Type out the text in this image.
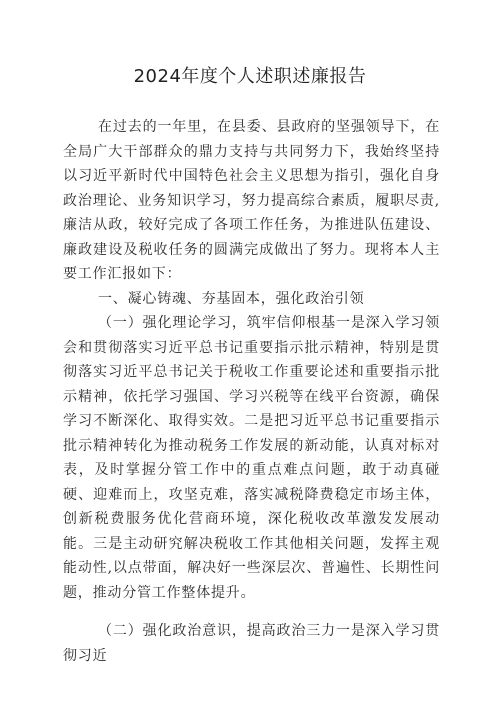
2024年度个人述职述廉报告

在过去的一年里，在县委、县政府的坚强领导下，在全局广大干部群众的鼎力支持与共同努力下，我始终坚持以习近平新时代中国特色社会主义思想为指引，强化自身政治理论、业务知识学习，努力提高综合素质，履职尽责,廉洁从政，较好完成了各项工作任务，为推进队伍建设、廉政建设及税收任务的圆满完成做出了努力。现将本人主要工作汇报如下：

一、凝心铸魂、夯基固本，强化政治引领

（一）强化理论学习，筑牢信仰根基一是深入学习领会和贯彻落实习近平总书记重要指示批示精神，特别是贯彻落实习近平总书记关于税收工作重要论述和重要指示批示精神，依托学习强国、学习兴税等在线平台资源，确保学习不断深化、取得实效。二是把习近平总书记重要指示批示精神转化为推动税务工作发展的新动能，认真对标对表，及时掌握分管工作中的重点难点问题，敢于动真碰硬、迎难而上，攻坚克难，落实减税降费稳定市场主体，创新税费服务优化营商环境，深化税收改革激发发展动能。三是主动研究解决税收工作其他相关问题，发挥主观能动性,以点带面，解决好一些深层次、普遍性、长期性问题，推动分管工作整体提升。

（二）强化政治意识，提高政治三力一是深入学习贯彻习近
